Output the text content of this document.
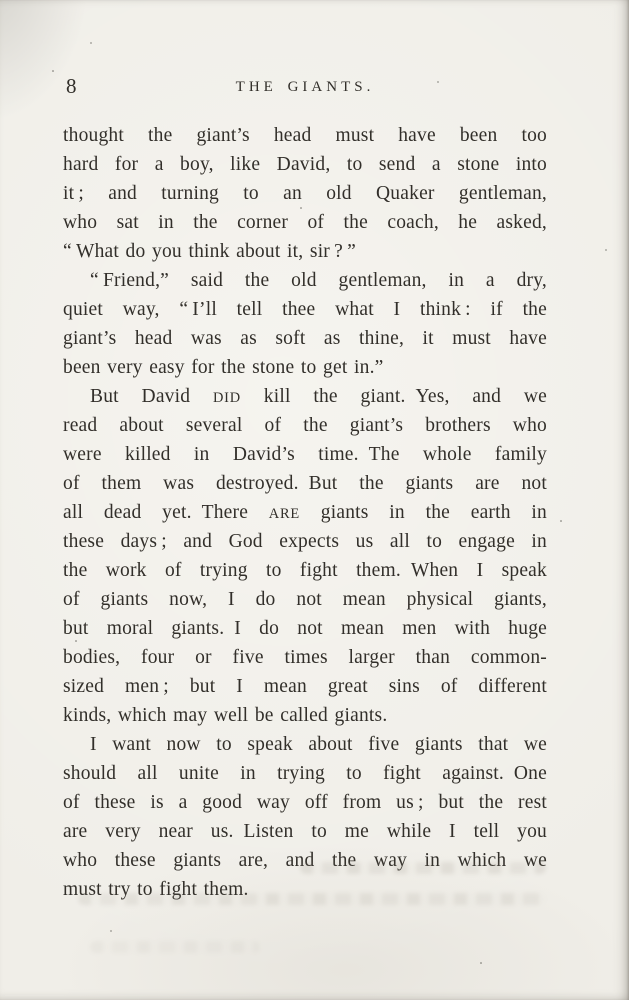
8	THE GIANTS.
thought the giant’s head must have been too
hard for a boy, like David, to send a stone into
it ; and turning to an old Quaker gentleman,
who sat in the corner of the coach, he asked,
“ What do you think about it, sir ? ”
“ Friend,” said the old gentleman, in a dry,
quiet way, “ I’ll tell thee what I think : if the
giant’s head was as soft as thine, it must have
been very easy for the stone to get in.”
But David DID kill the giant. Yes, and we
read about several of the giant’s brothers who
were killed in David’s time. The whole family
of them was destroyed. But the giants are not
all dead yet. There ARE giants in the earth in
these days ; and God expects us all to engage in
the work of trying to fight them. When I speak
of giants now, I do not mean physical giants,
but moral giants. I do not mean men with huge
bodies, four or five times larger than common-
sized men ; but I mean great sins of different
kinds, which may well be called giants.
I want now to speak about five giants that we
should all unite in trying to fight against. One
of these is a good way off from us ; but the rest
are very near us. Listen to me while I tell you
who these giants are, and the way in which we
must try to fight them.
